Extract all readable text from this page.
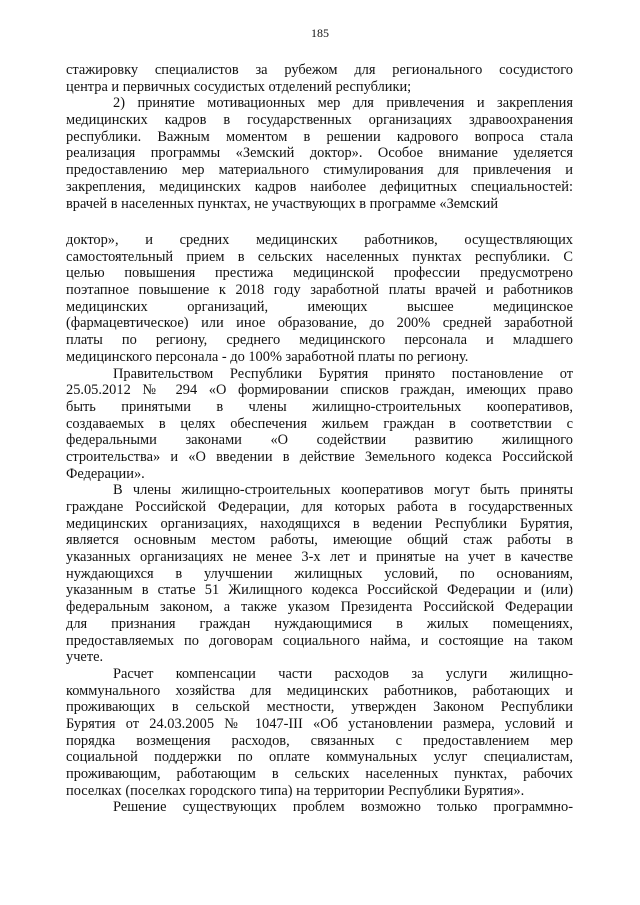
185
стажировку специалистов за рубежом для регионального сосудистого
центра и первичных сосудистых отделений республики;
2) принятие мотивационных мер для привлечения и закрепления
медицинских кадров в государственных организациях здравоохранения
республики. Важным моментом в решении кадрового вопроса стала
реализация программы «Земский доктор». Особое внимание уделяется
предоставлению мер материального стимулирования для привлечения и
закрепления, медицинских кадров наиболее дефицитных специальностей:
врачей в населенных пунктах, не участвующих в программе «Земский
доктор», и средних медицинских работников, осуществляющих
самостоятельный прием в сельских населенных пунктах республики. С
целью повышения престижа медицинской профессии предусмотрено
поэтапное повышение к 2018 году заработной платы врачей и работников
медицинских организаций, имеющих высшее медицинское
(фармацевтическое) или иное образование, до 200% средней заработной
платы по региону, среднего медицинского персонала и младшего
медицинского персонала - до 100% заработной платы по региону.
Правительством Республики Бурятия принято постановление от
25.05.2012 № 294 «О формировании списков граждан, имеющих право
быть принятыми в члены жилищно-строительных кооперативов,
создаваемых в целях обеспечения жильем граждан в соответствии с
федеральными законами «О содействии развитию жилищного
строительства» и «О введении в действие Земельного кодекса Российской
Федерации».
В члены жилищно-строительных кооперативов могут быть приняты
граждане Российской Федерации, для которых работа в государственных
медицинских организациях, находящихся в ведении Республики Бурятия,
является основным местом работы, имеющие общий стаж работы в
указанных организациях не менее 3-х лет и принятые на учет в качестве
нуждающихся в улучшении жилищных условий, по основаниям,
указанным в статье 51 Жилищного кодекса Российской Федерации и (или)
федеральным законом, а также указом Президента Российской Федерации
для признания граждан нуждающимися в жилых помещениях,
предоставляемых по договорам социального найма, и состоящие на таком
учете.
Расчет компенсации части расходов за услуги жилищно-
коммунального хозяйства для медицинских работников, работающих и
проживающих в сельской местности, утвержден Законом Республики
Бурятия от 24.03.2005 № 1047-III «Об установлении размера, условий и
порядка возмещения расходов, связанных с предоставлением мер
социальной поддержки по оплате коммунальных услуг специалистам,
проживающим, работающим в сельских населенных пунктах, рабочих
поселках (поселках городского типа) на территории Республики Бурятия».
Решение существующих проблем возможно только программно-
